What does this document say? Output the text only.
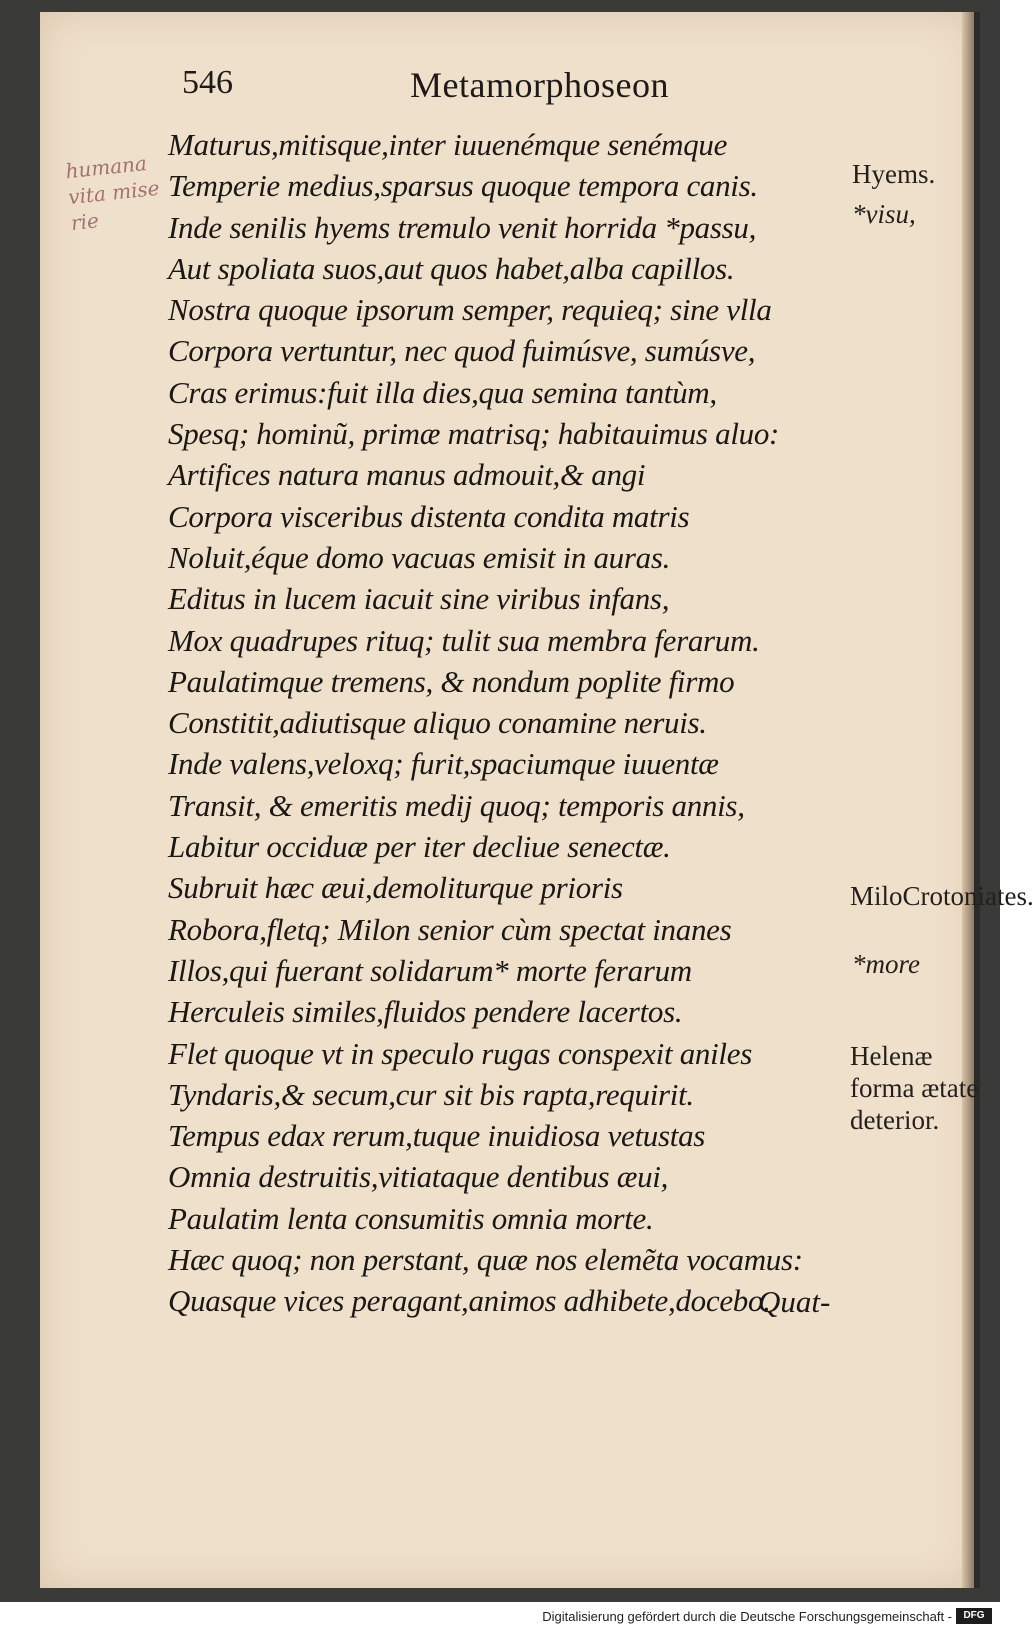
546	Metamorphoseon
humana vita mise rie
Maturus,mitisque,inter iuuenémque senémque
Temperie medius,sparsus quoque tempora canis.
Inde senilis hyems tremulo venit horrida *passu,
Aut spoliata suos,aut quos habet,alba capillos.
Nostra quoque ipsorum semper, requieq; sine vlla
Corpora vertuntur, nec quod fuimúsve, sumúsve,
Cras erimus:fuit illa dies,qua semina tantùm,
Spesq; hominũ, primæ matrisq; habitauimus aluo:
Artifices natura manus admouit,& angi
Corpora visceribus distenta condita matris
Noluit,éque domo vacuas emisit in auras.
Editus in lucem iacuit sine viribus infans,
Mox quadrupes rituq; tulit sua membra ferarum.
Paulatimque tremens, & nondum poplite firmo
Constitit,adiutisque aliquo conamine neruis.
Inde valens,veloxq; furit,spaciumque iuuentæ
Transit, & emeritis medij quoq; temporis annis,
Labitur occiduæ per iter decliue senectæ.
Subruit hæc æui,demoliturque prioris
Robora,fletq; Milon senior cùm spectat inanes
Illos,qui fuerant solidarum* morte ferarum
Herculeis similes,fluidos pendere lacertos.
Flet quoque vt in speculo rugas conspexit aniles
Tyndaris,& secum,cur sit bis rapta,requirit.
Tempus edax rerum,tuque inuidiosa vetustas
Omnia destruitis,vitiataque dentibus æui,
Paulatim lenta consumitis omnia morte.
Hæc quoq; non perstant, quæ nos elemẽta vocamus:
Quasque vices peragant,animos adhibete,docebo.
Quat-
Hyems.
*visu,
MiloCrotoniates.
*more
Helenæ forma ætate deterior.
Digitalisierung gefördert durch die Deutsche Forschungsgemeinschaft -	DFG
